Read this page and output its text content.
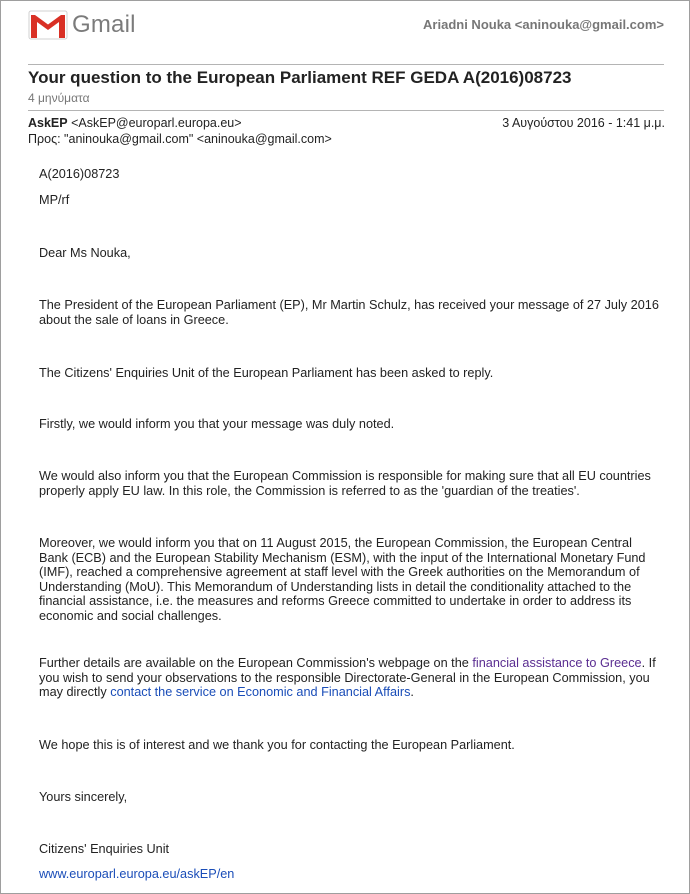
Gmail	Ariadni Nouka <aninouka@gmail.com>
Your question to the European Parliament REF GEDA A(2016)08723
4 μηνύματα
AskEP <AskEP@europarl.europa.eu>	3 Αυγούστου 2016 - 1:41 μ.μ.
Προς: "aninouka@gmail.com" <aninouka@gmail.com>

A(2016)08723

MP/rf

Dear Ms Nouka,

The President of the European Parliament (EP), Mr Martin Schulz, has received your message of 27 July 2016 about the sale of loans in Greece.

The Citizens' Enquiries Unit of the European Parliament has been asked to reply.

Firstly, we would inform you that your message was duly noted.

We would also inform you that the European Commission is responsible for making sure that all EU countries properly apply EU law. In this role, the Commission is referred to as the 'guardian of the treaties'.

Moreover, we would inform you that on 11 August 2015, the European Commission, the European Central Bank (ECB) and the European Stability Mechanism (ESM), with the input of the International Monetary Fund (IMF), reached a comprehensive agreement at staff level with the Greek authorities on the Memorandum of Understanding (MoU). This Memorandum of Understanding lists in detail the conditionality attached to the financial assistance, i.e. the measures and reforms Greece committed to undertake in order to address its economic and social challenges.

Further details are available on the European Commission's webpage on the financial assistance to Greece. If you wish to send your observations to the responsible Directorate-General in the European Commission, you may directly contact the service on Economic and Financial Affairs.

We hope this is of interest and we thank you for contacting the European Parliament.

Yours sincerely,

Citizens' Enquiries Unit

www.europarl.europa.eu/askEP/en
